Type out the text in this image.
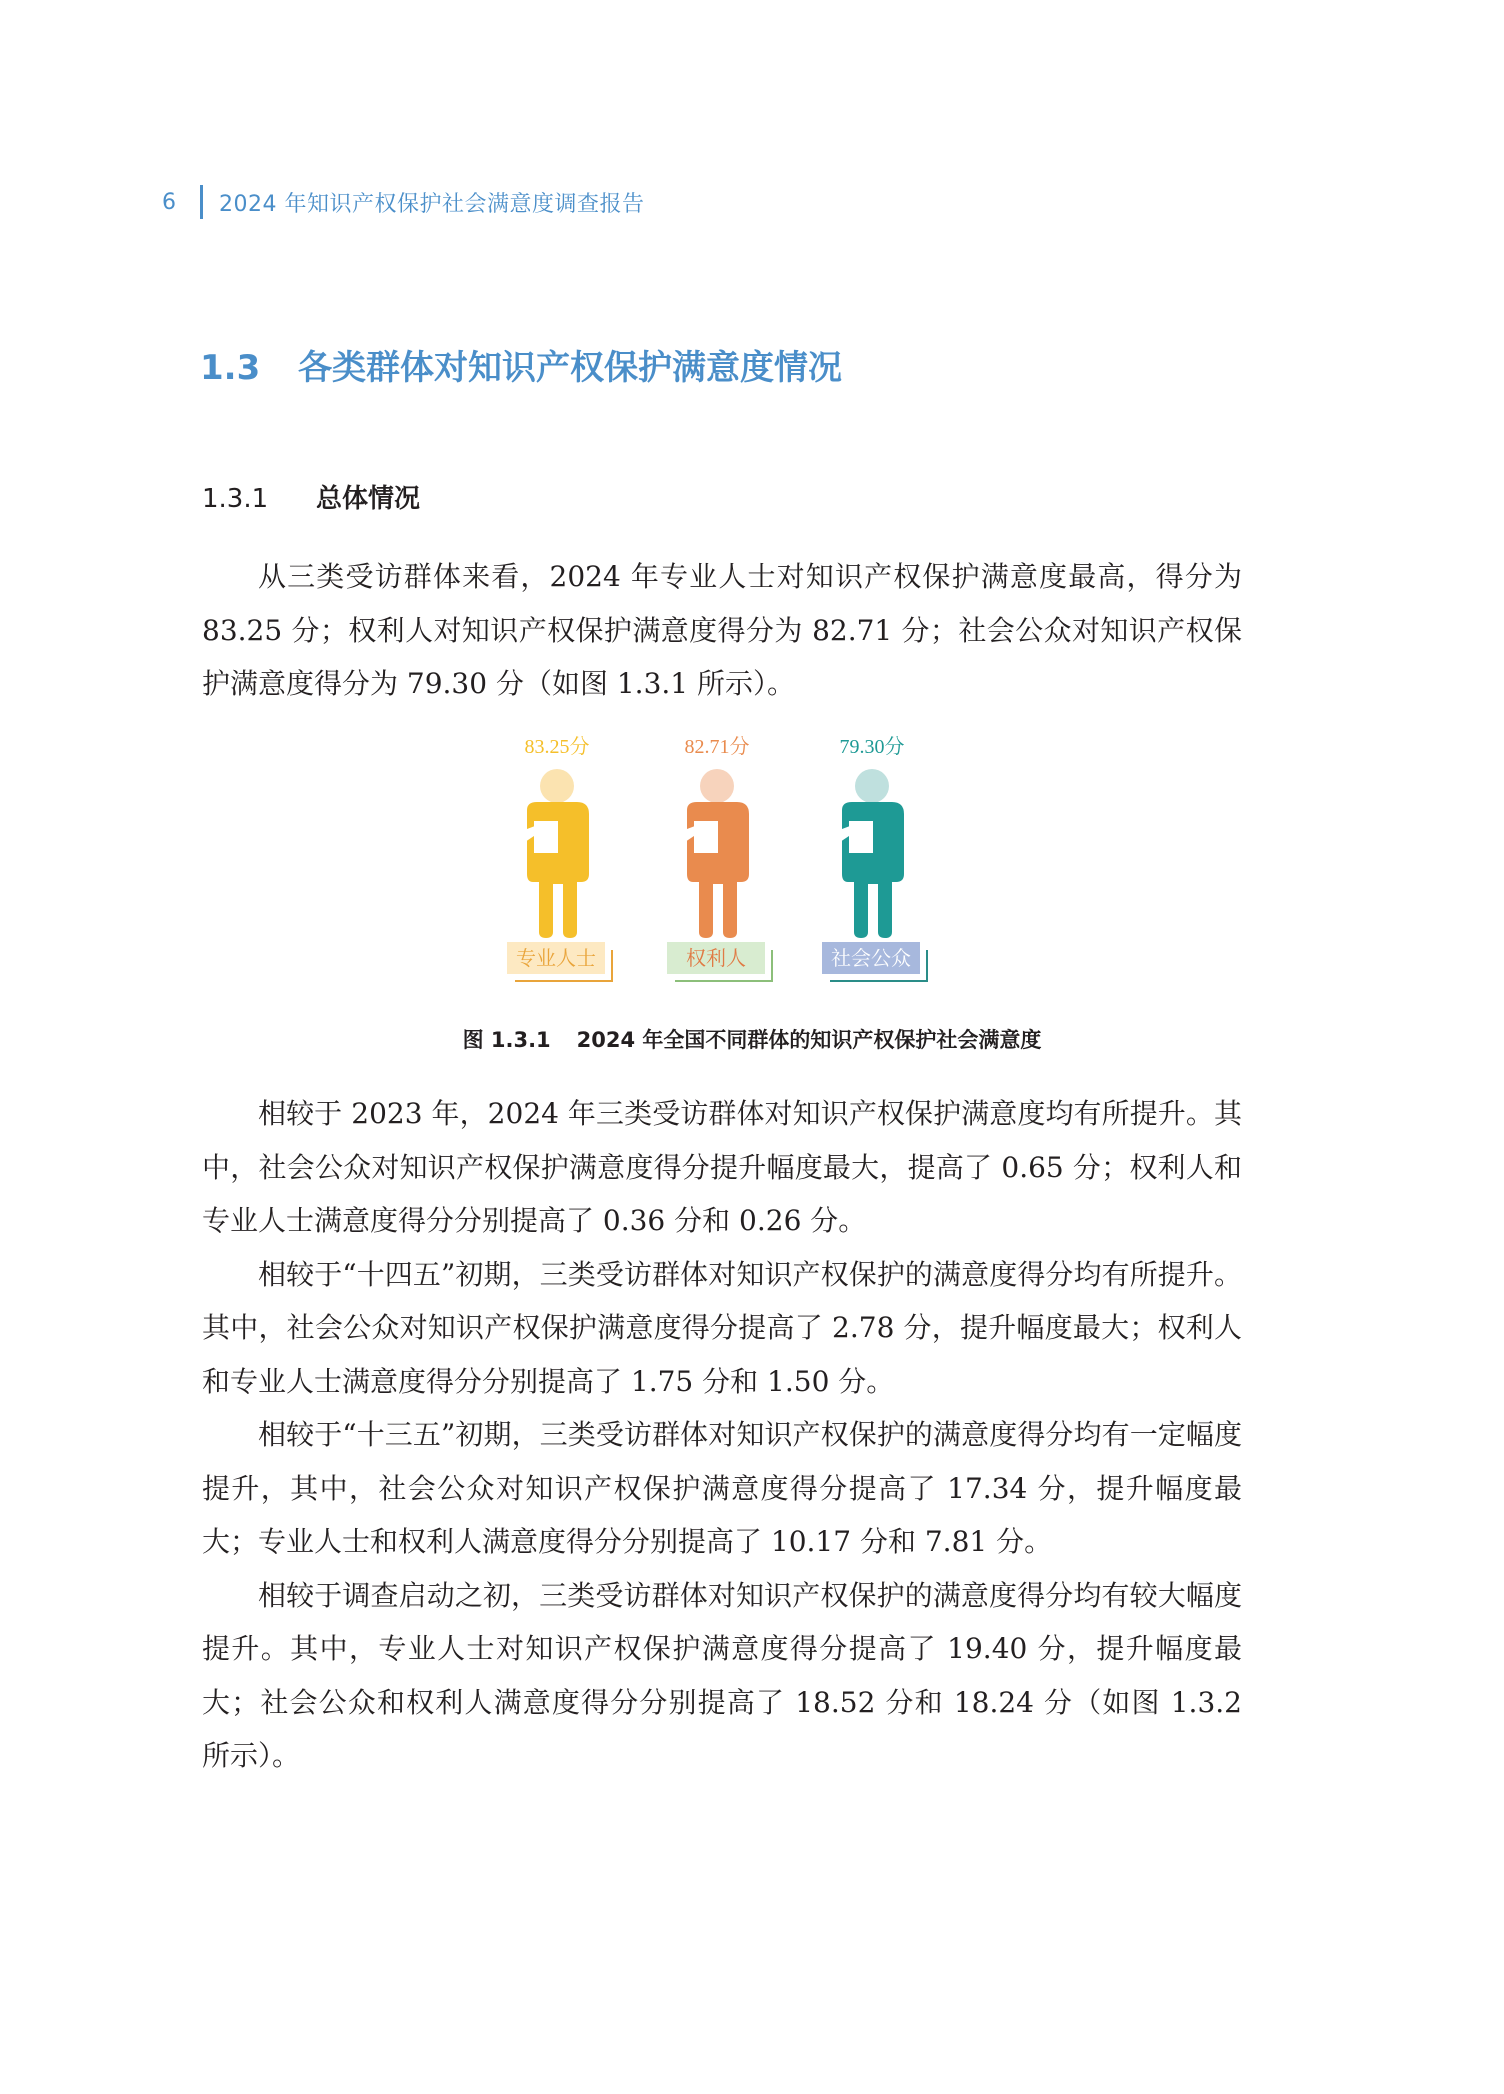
6	2024 年知识产权保护社会满意度调查报告
1.3 各类群体对知识产权保护满意度情况
1.3.1 总体情况

从三类受访群体来看，2024 年专业人士对知识产权保护满意度最高，得分为 83.25 分；权利人对知识产权保护满意度得分为 82.71 分；社会公众对知识产权保护满意度得分为 79.30 分（如图 1.3.1 所示）。

83.25分
专业人士
82.71分
权利人
79.30分
社会公众
图 1.3.1 2024 年全国不同群体的知识产权保护社会满意度

相较于 2023 年，2024 年三类受访群体对知识产权保护满意度均有所提升。其中，社会公众对知识产权保护满意度得分提升幅度最大，提高了 0.65 分；权利人和专业人士满意度得分分别提高了 0.36 分和 0.26 分。

相较于“十四五”初期，三类受访群体对知识产权保护的满意度得分均有所提升。其中，社会公众对知识产权保护满意度得分提高了 2.78 分，提升幅度最大；权利人和专业人士满意度得分分别提高了 1.75 分和 1.50 分。

相较于“十三五”初期，三类受访群体对知识产权保护的满意度得分均有一定幅度提升，其中，社会公众对知识产权保护满意度得分提高了 17.34 分，提升幅度最大；专业人士和权利人满意度得分分别提高了 10.17 分和 7.81 分。

相较于调查启动之初，三类受访群体对知识产权保护的满意度得分均有较大幅度提升。其中，专业人士对知识产权保护满意度得分提高了 19.40 分，提升幅度最大；社会公众和权利人满意度得分分别提高了 18.52 分和 18.24 分（如图 1.3.2 所示）。
